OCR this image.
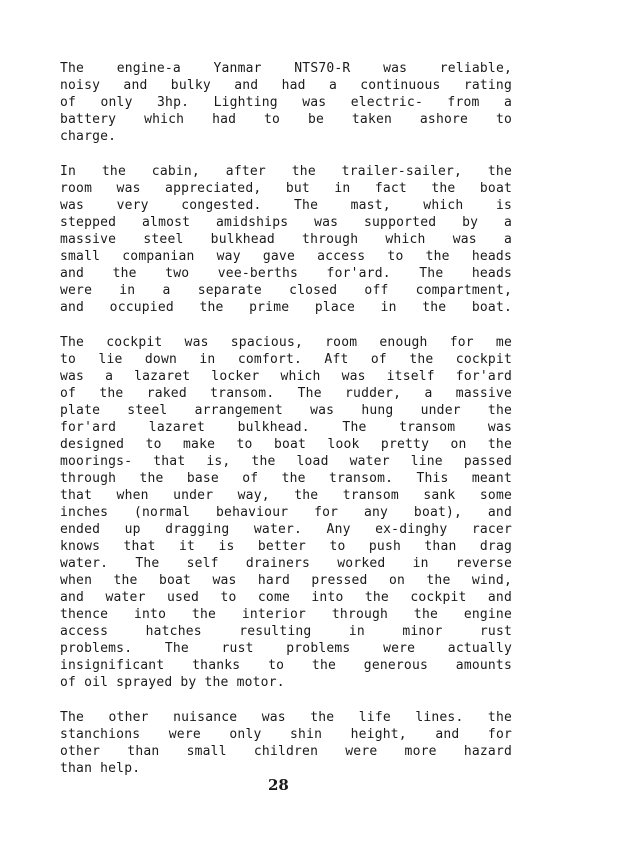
The engine-a Yanmar NTS70-R was reliable,
noisy and bulky and had a continuous rating
of only 3hp. Lighting was electric- from a
battery which had to be taken ashore to
charge.
In the cabin, after the trailer-sailer, the
room was appreciated, but in fact the boat
was very congested. The mast, which is
stepped almost amidships was supported by a
massive steel bulkhead through which was a
small companian way gave access to the heads
and the two vee-berths for'ard. The heads
were in a separate closed off compartment,
and occupied the prime place in the boat.
The cockpit was spacious, room enough for me
to lie down in comfort. Aft of the cockpit
was a lazaret locker which was itself for'ard
of the raked transom. The rudder, a massive
plate steel arrangement was hung under the
for'ard lazaret bulkhead. The transom was
designed to make to boat look pretty on the
moorings- that is, the load water line passed
through the base of the transom. This meant
that when under way, the transom sank some
inches (normal behaviour for any boat), and
ended up dragging water. Any ex-dinghy racer
knows that it is better to push than drag
water. The self drainers worked in reverse
when the boat was hard pressed on the wind,
and water used to come into the cockpit and
thence into the interior through the engine
access hatches resulting in minor rust
problems. The rust problems were actually
insignificant thanks to the generous amounts
of oil sprayed by the motor.
The other nuisance was the life lines. the
stanchions were only shin height, and for
other than small children were more hazard
than help.
28
